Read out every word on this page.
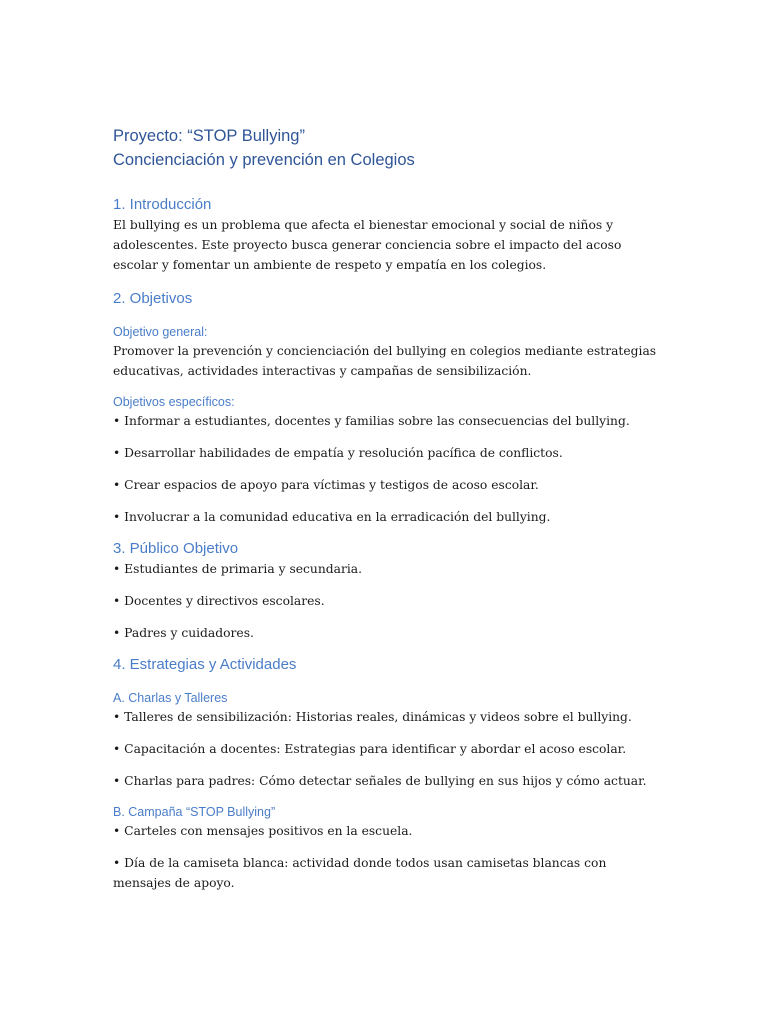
Proyecto: “STOP Bullying”
Concienciación y prevención en Colegios
1. Introducción
El bullying es un problema que afecta el bienestar emocional y social de niños y adolescentes. Este proyecto busca generar conciencia sobre el impacto del acoso escolar y fomentar un ambiente de respeto y empatía en los colegios.
2. Objetivos
Objetivo general:
Promover la prevención y concienciación del bullying en colegios mediante estrategias educativas, actividades interactivas y campañas de sensibilización.
Objetivos específicos:
• Informar a estudiantes, docentes y familias sobre las consecuencias del bullying.
• Desarrollar habilidades de empatía y resolución pacífica de conflictos.
• Crear espacios de apoyo para víctimas y testigos de acoso escolar.
• Involucrar a la comunidad educativa en la erradicación del bullying.
3. Público Objetivo
• Estudiantes de primaria y secundaria.
• Docentes y directivos escolares.
• Padres y cuidadores.
4. Estrategias y Actividades
A. Charlas y Talleres
• Talleres de sensibilización: Historias reales, dinámicas y videos sobre el bullying.
• Capacitación a docentes: Estrategias para identificar y abordar el acoso escolar.
• Charlas para padres: Cómo detectar señales de bullying en sus hijos y cómo actuar.
B. Campaña “STOP Bullying”
• Carteles con mensajes positivos en la escuela.
• Día de la camiseta blanca: actividad donde todos usan camisetas blancas con mensajes de apoyo.
